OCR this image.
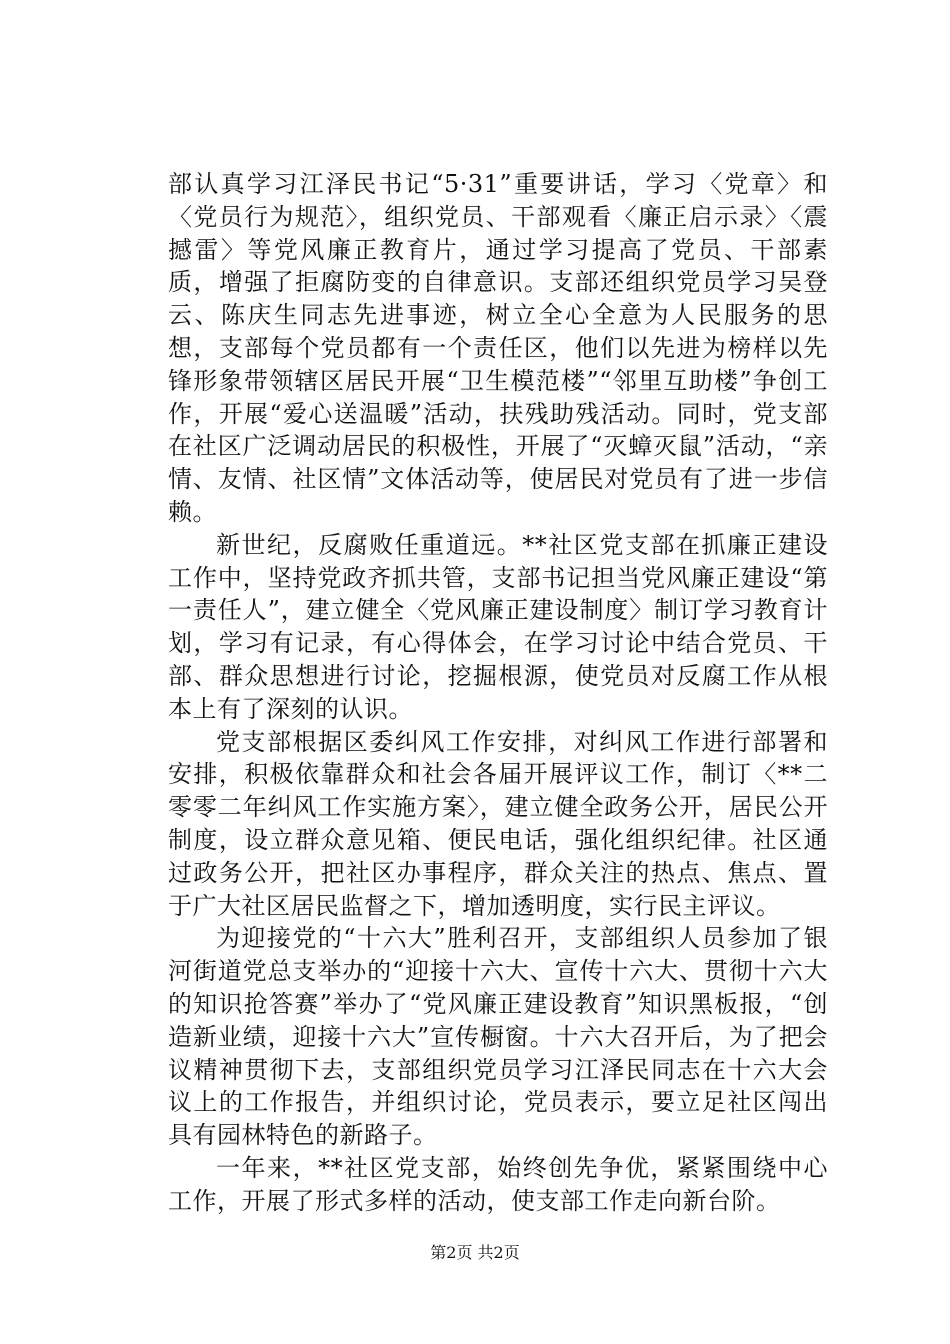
部认真学习江泽民书记“5·31”重要讲话，学习〈党章〉和〈党员行为规范〉，组织党员、干部观看〈廉正启示录〉〈震撼雷〉等党风廉正教育片，通过学习提高了党员、干部素质，增强了拒腐防变的自律意识。支部还组织党员学习吴登云、陈庆生同志先进事迹，树立全心全意为人民服务的思想，支部每个党员都有一个责任区，他们以先进为榜样以先锋形象带领辖区居民开展“卫生模范楼”“邻里互助楼”争创工作，开展“爱心送温暖”活动，扶残助残活动。同时，党支部在社区广泛调动居民的积极性，开展了“灭蟑灭鼠”活动，“亲情、友情、社区情”文体活动等，使居民对党员有了进一步信赖。

新世纪，反腐败任重道远。**社区党支部在抓廉正建设工作中，坚持党政齐抓共管，支部书记担当党风廉正建设“第一责任人”，建立健全〈党风廉正建设制度〉制订学习教育计划，学习有记录，有心得体会，在学习讨论中结合党员、干部、群众思想进行讨论，挖掘根源，使党员对反腐工作从根本上有了深刻的认识。

党支部根据区委纠风工作安排，对纠风工作进行部署和安排，积极依靠群众和社会各届开展评议工作，制订〈**二零零二年纠风工作实施方案〉，建立健全政务公开，居民公开制度，设立群众意见箱、便民电话，强化组织纪律。社区通过政务公开，把社区办事程序，群众关注的热点、焦点、置于广大社区居民监督之下，增加透明度，实行民主评议。

为迎接党的“十六大”胜利召开，支部组织人员参加了银河街道党总支举办的“迎接十六大、宣传十六大、贯彻十六大的知识抢答赛”举办了“党风廉正建设教育”知识黑板报，“创造新业绩，迎接十六大”宣传橱窗。十六大召开后，为了把会议精神贯彻下去，支部组织党员学习江泽民同志在十六大会议上的工作报告，并组织讨论，党员表示，要立足社区闯出具有园林特色的新路子。

一年来，**社区党支部，始终创先争优，紧紧围绕中心工作，开展了形式多样的活动，使支部工作走向新台阶。

第2页 共2页
